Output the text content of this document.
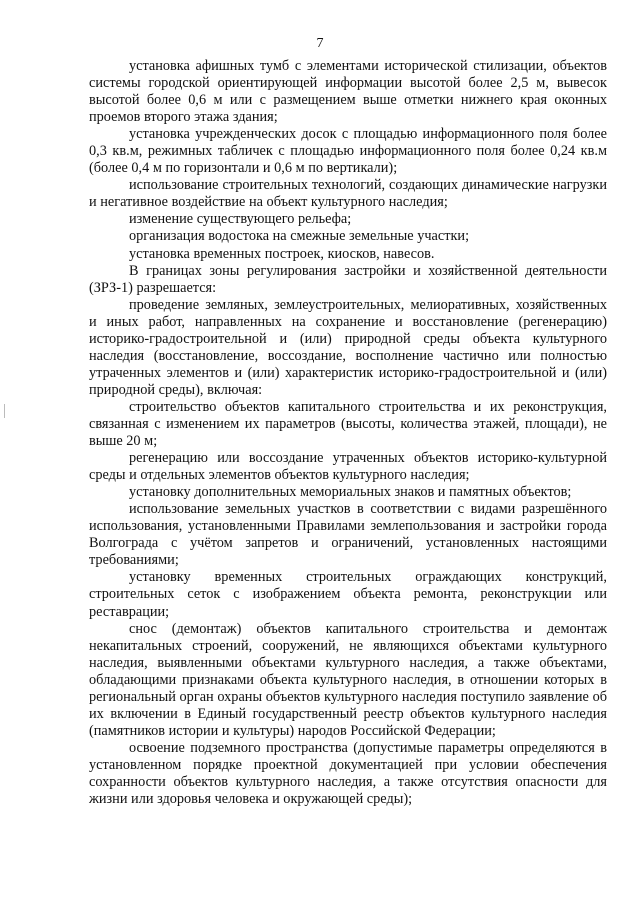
7

установка афишных тумб с элементами исторической стилизации, объектов системы городской ориентирующей информации высотой более 2,5 м, вывесок высотой более 0,6 м или с размещением выше отметки нижнего края оконных проемов второго этажа здания;

установка учрежденческих досок с площадью информационного поля более 0,3 кв.м, режимных табличек с площадью информационного поля более 0,24 кв.м (более 0,4 м по горизонтали и 0,6 м по вертикали);

использование строительных технологий, создающих динамические нагрузки и негативное воздействие на объект культурного наследия;

изменение существующего рельефа;

организация водостока на смежные земельные участки;

установка временных построек, киосков, навесов.

В границах зоны регулирования застройки и хозяйственной деятельности (ЗРЗ-1) разрешается:

проведение земляных, землеустроительных, мелиоративных, хозяйственных и иных работ, направленных на сохранение и восстановление (регенерацию) историко-градостроительной и (или) природной среды объекта культурного наследия (восстановление, воссоздание, восполнение частично или полностью утраченных элементов и (или) характеристик историко-градостроительной и (или) природной среды), включая:

строительство объектов капитального строительства и их реконструкция, связанная с изменением их параметров (высоты, количества этажей, площади), не выше 20 м;

регенерацию или воссоздание утраченных объектов историко-культурной среды и отдельных элементов объектов культурного наследия;

установку дополнительных мемориальных знаков и памятных объектов;

использование земельных участков в соответствии с видами разрешённого использования, установленными Правилами землепользования и застройки города Волгограда с учётом запретов и ограничений, установленных настоящими требованиями;

установку временных строительных ограждающих конструкций, строительных сеток с изображением объекта ремонта, реконструкции или реставрации;

снос (демонтаж) объектов капитального строительства и демонтаж некапитальных строений, сооружений, не являющихся объектами культурного наследия, выявленными объектами культурного наследия, а также объектами, обладающими признаками объекта культурного наследия, в отношении которых в региональный орган охраны объектов культурного наследия поступило заявление об их включении в Единый государственный реестр объектов культурного наследия (памятников истории и культуры) народов Российской Федерации;

освоение подземного пространства (допустимые параметры определяются в установленном порядке проектной документацией при условии обеспечения сохранности объектов культурного наследия, а также отсутствия опасности для жизни или здоровья человека и окружающей среды);
